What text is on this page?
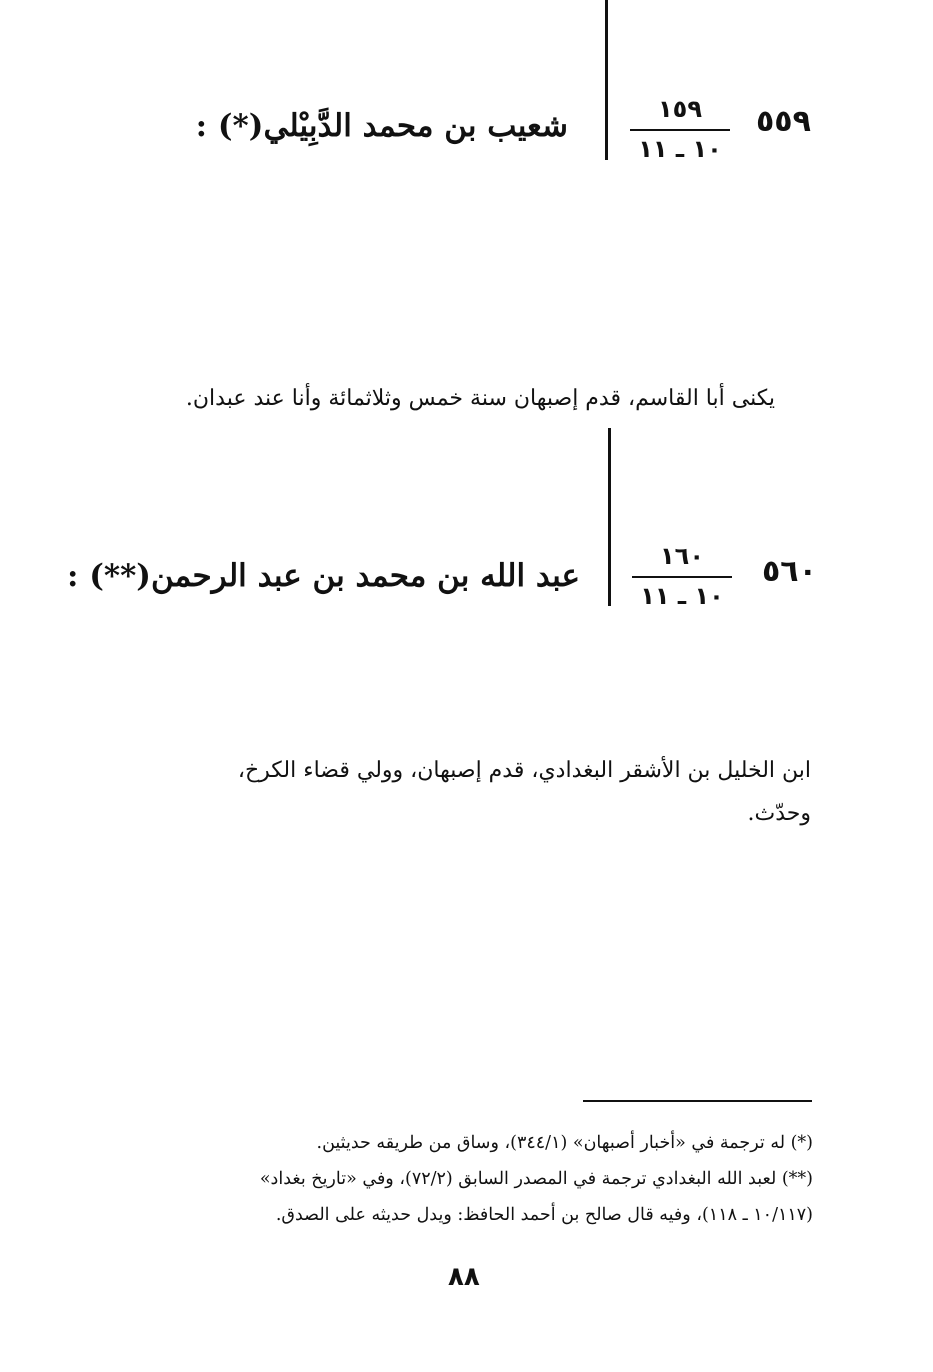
٥٥٩
١٥٩
١٠ ـ ١١
شعيب بن محمد الدَّبِيْلي(*) :
يكنى أبا القاسم، قدم إصبهان سنة خمس وثلاثمائة وأنا عند عبدان.
٥٦٠
١٦٠
١٠ ـ ١١
عبد الله بن محمد بن عبد الرحمن(**) :
ابن الخليل بن الأشقر البغدادي، قدم إصبهان، وولي قضاء الكرخ،
وحدّث.
(*) له ترجمة في «أخبار أصبهان» (٣٤٤/١)، وساق من طريقه حديثين.
(**) لعبد الله البغدادي ترجمة في المصدر السابق (٧٢/٢)، وفي «تاريخ بغداد»
(١٠/١١٧ ـ ١١٨)، وفيه قال صالح بن أحمد الحافظ: ويدل حديثه على الصدق.
٨٨
